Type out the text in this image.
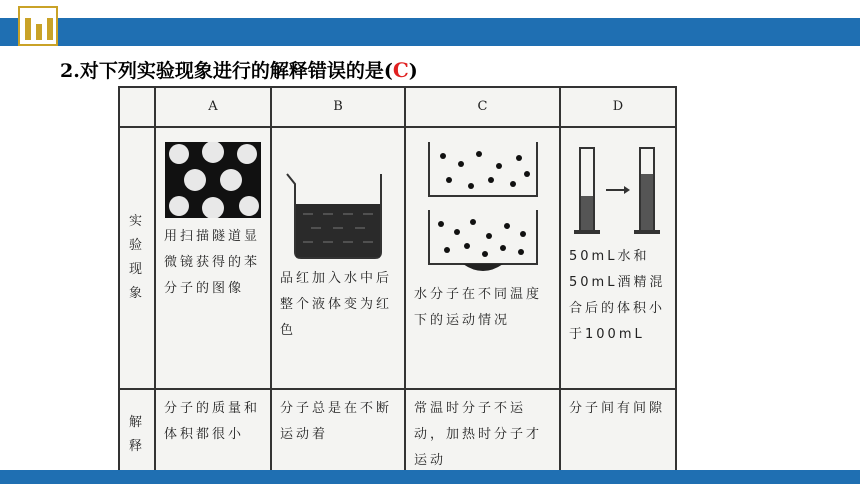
2.对下列实验现象进行的解释错误的是(C)
	A	B	C	D

实
验
现
象	用扫描隧道显微镜获得的苯分子的图像	品红加入水中后整个液体变为红色	水分子在不同温度下的运动情况	50mL水和50mL酒精混合后的体积小于100mL

解
释	分子的质量和体积都很小	分子总是在不断运动着	常温时分子不运动，加热时分子才运动	分子间有间隙
